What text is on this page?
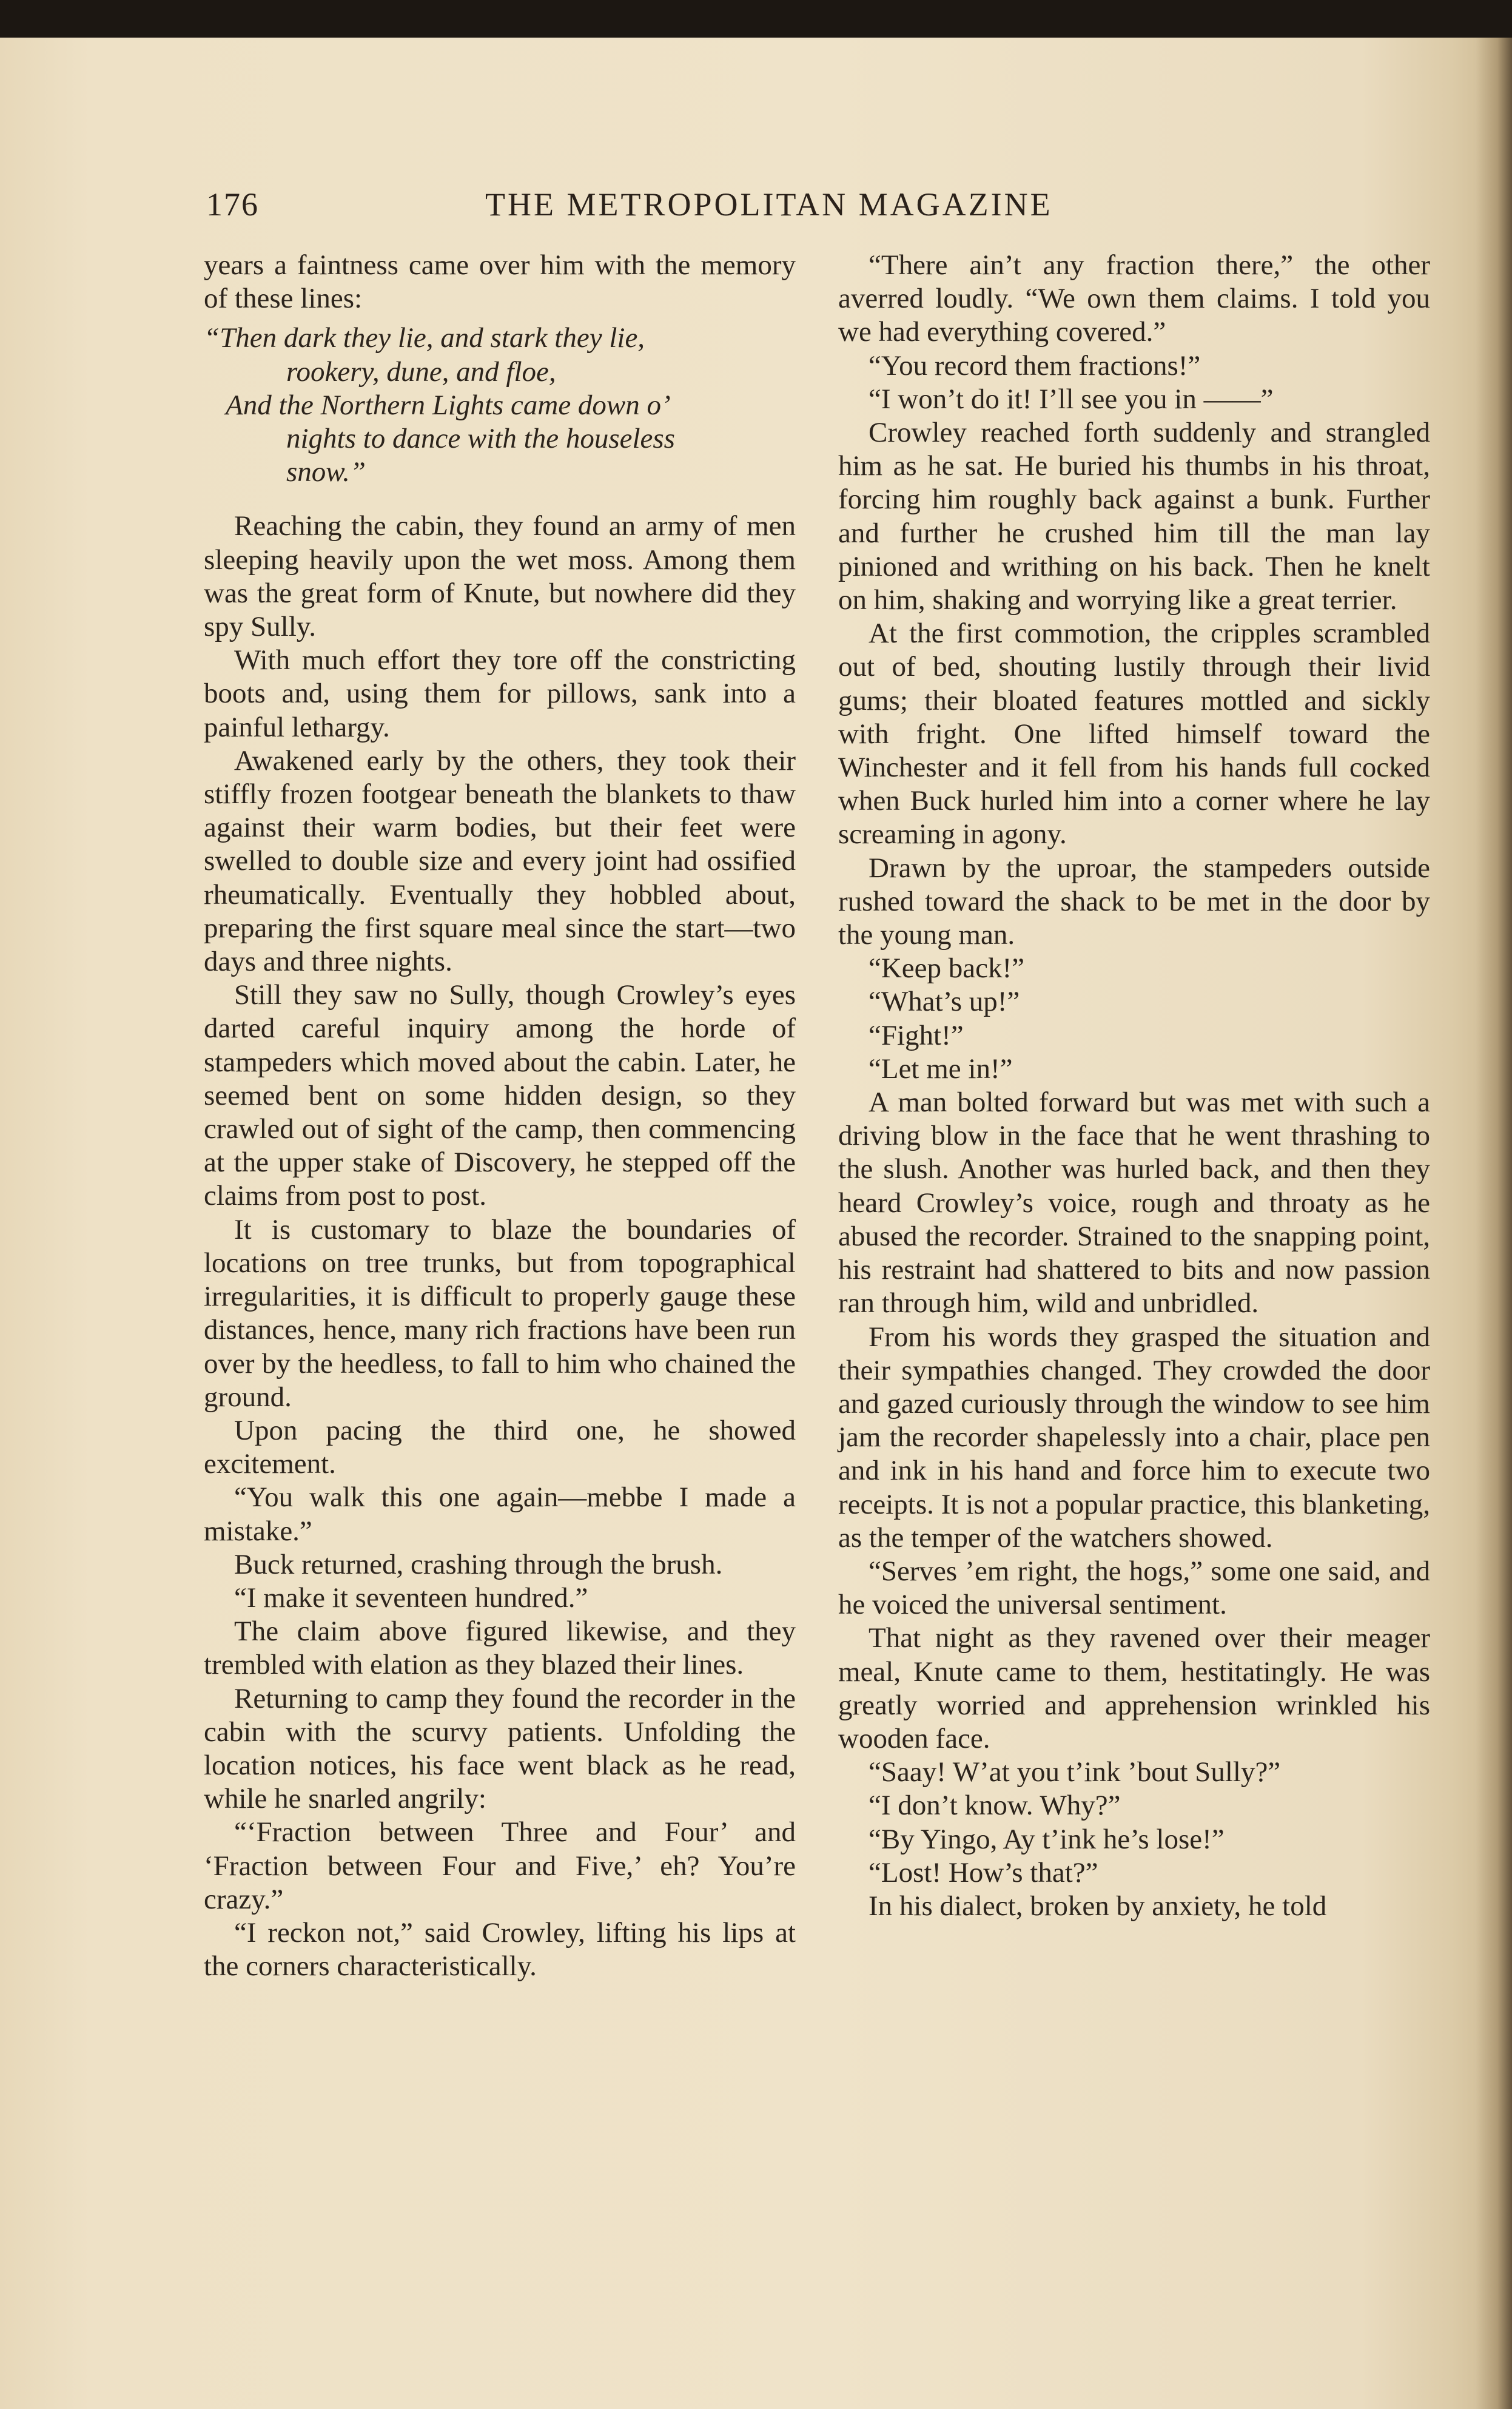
176	THE METROPOLITAN MAGAZINE

years a faintness came over him with the memory of these lines:

“Then dark they lie, and stark they lie,
rookery, dune, and floe,
And the Northern Lights came down o’
nights to dance with the houseless
snow.”

Reaching the cabin, they found an army of men sleeping heavily upon the wet moss. Among them was the great form of Knute, but nowhere did they spy Sully.

With much effort they tore off the constricting boots and, using them for pillows, sank into a painful lethargy.

Awakened early by the others, they took their stiffly frozen footgear beneath the blankets to thaw against their warm bodies, but their feet were swelled to double size and every joint had ossified rheumatically. Eventually they hobbled about, preparing the first square meal since the start—two days and three nights.

Still they saw no Sully, though Crowley’s eyes darted careful inquiry among the horde of stampeders which moved about the cabin. Later, he seemed bent on some hidden design, so they crawled out of sight of the camp, then commencing at the upper stake of Discovery, he stepped off the claims from post to post.

It is customary to blaze the boundaries of locations on tree trunks, but from topographical irregularities, it is difficult to properly gauge these distances, hence, many rich fractions have been run over by the heedless, to fall to him who chained the ground.

Upon pacing the third one, he showed excitement.

“You walk this one again—mebbe I made a mistake.”

Buck returned, crashing through the brush.

“I make it seventeen hundred.”

The claim above figured likewise, and they trembled with elation as they blazed their lines.

Returning to camp they found the recorder in the cabin with the scurvy patients. Unfolding the location notices, his face went black as he read, while he snarled angrily:

“‘Fraction between Three and Four’ and ‘Fraction between Four and Five,’ eh? You’re crazy.”

“I reckon not,” said Crowley, lifting his lips at the corners characteristically.

“There ain’t any fraction there,” the other averred loudly. “We own them claims. I told you we had everything covered.”

“You record them fractions!”

“I won’t do it! I’ll see you in ——”

Crowley reached forth suddenly and strangled him as he sat. He buried his thumbs in his throat, forcing him roughly back against a bunk. Further and further he crushed him till the man lay pinioned and writhing on his back. Then he knelt on him, shaking and worrying like a great terrier.

At the first commotion, the cripples scrambled out of bed, shouting lustily through their livid gums; their bloated features mottled and sickly with fright. One lifted himself toward the Winchester and it fell from his hands full cocked when Buck hurled him into a corner where he lay screaming in agony.

Drawn by the uproar, the stampeders outside rushed toward the shack to be met in the door by the young man.

“Keep back!”

“What’s up!”

“Fight!”

“Let me in!”

A man bolted forward but was met with such a driving blow in the face that he went thrashing to the slush. Another was hurled back, and then they heard Crowley’s voice, rough and throaty as he abused the recorder. Strained to the snapping point, his restraint had shattered to bits and now passion ran through him, wild and unbridled.

From his words they grasped the situation and their sympathies changed. They crowded the door and gazed curiously through the window to see him jam the recorder shapelessly into a chair, place pen and ink in his hand and force him to execute two receipts. It is not a popular practice, this blanketing, as the temper of the watchers showed.

“Serves ’em right, the hogs,” some one said, and he voiced the universal sentiment.

That night as they ravened over their meager meal, Knute came to them, hestitatingly. He was greatly worried and apprehension wrinkled his wooden face.

“Saay! W’at you t’ink ’bout Sully?”

“I don’t know. Why?”

“By Yingo, Ay t’ink he’s lose!”

“Lost! How’s that?”

In his dialect, broken by anxiety, he told
